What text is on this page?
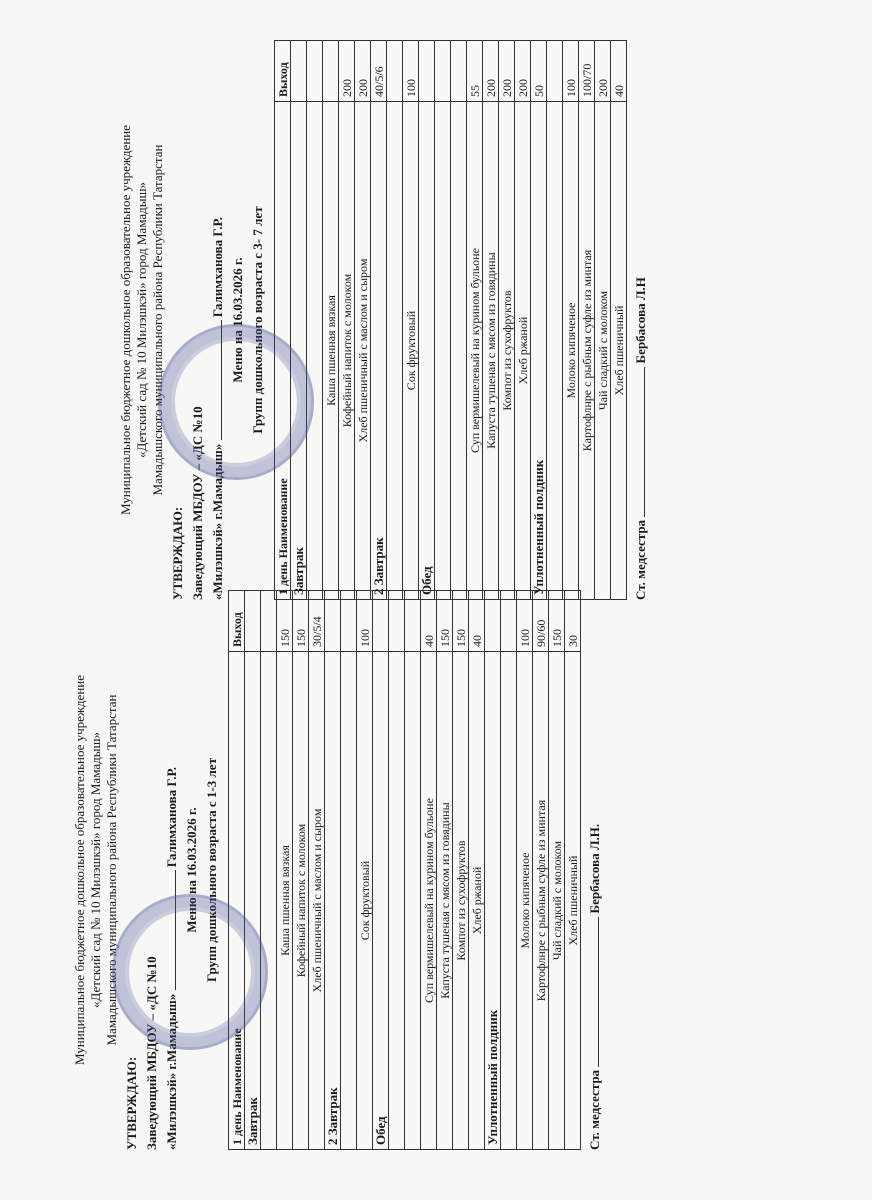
Муниципальное бюджетное дошкольное образовательное учреждение «Детский сад № 10 Милэшкэй» город Мамадыш» Мамадышского муниципального района Республики Татарстан
УТВЕРЖДАЮ: Заведующий МБДОУ – «ДС №10 «Милэшкэй» г.Мамадыш»  Галимханова Г.Р. Меню на 16.03.2026 г. Групп дошкольного возраста с 1-3 лет
1 день Наименование	Выход
Завтрак	

Каша пшенная вязкая	150
Кофейный напиток с молоком	150
Хлеб пшеничный с маслом и сыром	30/5/4
2 Завтрак	

Сок фруктовый	100
Обед	

Суп вермишелевый на курином бульоне	40
Капуста тушеная с мясом из говядины	150
Компот из сухофруктов	150
Хлеб ржаной	40
Уплотненный полдник	

Молоко кипяченое	100
Картофлнре с рыбным суфле из минтая	90/60
Чай сладкий с молоком	150
Хлеб пшеничный	30
Ст. медсестра  Бербасова Л.Н.
Муниципальное бюджетное дошкольное образовательное учреждение «Детский сад № 10 Милэшкэй» город Мамадыш» Мамадышского муниципального района Республики Татарстан
УТВЕРЖДАЮ: Заведующий МБДОУ – «ДС №10 «Милэшкэй» г.Мамадыш»  Галимханова Г.Р. Меню на 16.03.2026 г. Групп дошкольного возраста с 3- 7 лет
1 день Наименование	Выход
Завтрак	

Каша пшенная вязкая	
Кофейный напиток с молоком	200
Хлеб пшеничный с маслом и сыром	200
2 Завтрак	40/5/6

Сок фруктовый	100
Обед	

Суп вермишелевый на курином бульоне	55
Капуста тушеная с мясом из говядины	200
Компот из сухофруктов	200
Хлеб ржаной	200
Уплотненный полдник	50

Молоко кипяченое	100
Картофлнре с рыбным суфле из минтая	100/70
Чай сладкий с молоком	200
Хлеб пшеничный	40
Ст. медсестра  Бербасова Л.Н
